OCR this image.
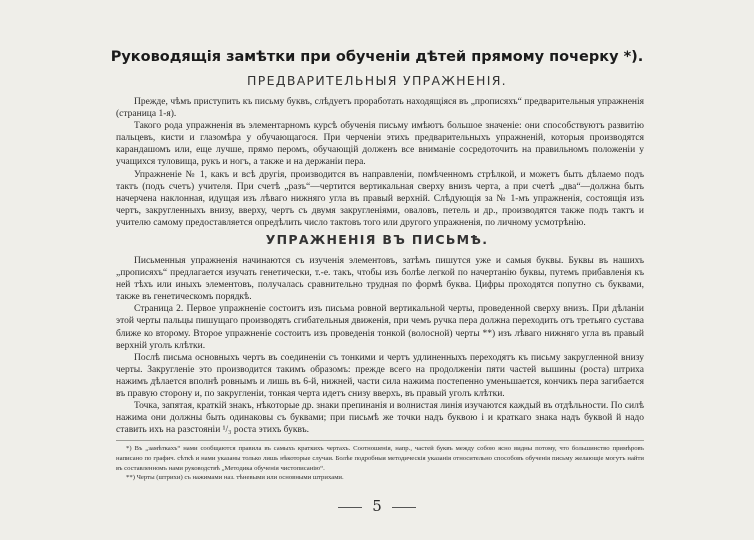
Руководящія замѣтки при обученіи дѣтей прямому почерку *).
ПРЕДВАРИТЕЛЬНЫЯ УПРАЖНЕНІЯ.

Прежде, чѣмъ приступить къ письму буквъ, слѣдуетъ проработать находящіяся въ „прописяхъ“ предварительныя упражненія (страница 1-я).

Такого рода упражненія въ элементарномъ курсѣ обученія письму имѣютъ большое значеніе: они способствуютъ развитію пальцевъ, кисти и глазомѣра у обучающагося. При черченіи этихъ предварительныхъ упражненій, которыя производятся карандашомъ или, еще лучше, прямо перомъ, обучающій долженъ все вниманіе сосредоточить на правильномъ положеніи у учащихся туловища, рукъ и ногъ, а также и на держаніи пера.

Упражненіе № 1, какъ и всѣ другія, производится въ направленіи, помѣченномъ стрѣлкой, и можетъ быть дѣлаемо подъ тактъ (подъ счетъ) учителя. При счетѣ „разъ“—чертится вертикальная сверху внизъ черта, а при счетѣ „два“—должна быть начерчена наклонная, идущая изъ лѣваго нижняго угла въ правый верхній. Слѣдующія за № 1-мъ упражненія, состоящія изъ чертъ, закругленныхъ внизу, вверху, чертъ съ двумя закругленіями, оваловъ, петель и др., производятся также подъ тактъ и учителю самому предоставляется опредѣлить число тактовъ того или другого упражненія, по личному усмотрѣнію.

УПРАЖНЕНІЯ ВЪ ПИСЬМѢ.

Письменныя упражненія начинаются съ изученія элементовъ, затѣмъ пишутся уже и самыя буквы. Буквы въ нашихъ „прописяхъ“ предлагается изучать генетически, т.-е. такъ, чтобы изъ болѣе легкой по начертанію буквы, путемъ прибавленія къ ней тѣхъ или иныхъ элементовъ, получалась сравнительно трудная по формѣ буква. Цифры проходятся попутно съ буквами, также въ генетическомъ порядкѣ.

Страница 2. Первое упражненіе состоитъ изъ письма ровной вертикальной черты, проведенной сверху внизъ. При дѣланіи этой черты пальцы пишущаго производятъ сгибательныя движенія, при чемъ ручка пера должна переходить отъ третьяго сустава ближе ко второму. Второе упражненіе состоитъ изъ проведенія тонкой (волосной) черты **) изъ лѣваго нижняго угла въ правый верхній уголъ клѣтки.

Послѣ письма основныхъ чертъ въ соединеніи съ тонкими и чертъ удлиненныхъ переходятъ къ письму закругленной внизу черты. Закругленіе это производится такимъ образомъ: прежде всего на продолженіи пяти частей вышины (роста) штриха нажимъ дѣлается вполнѣ ровнымъ и лишь въ 6-й, нижней, части сила нажима постепенно уменьшается, кончикъ пера загибается въ правую сторону и, по закругленіи, тонкая черта идетъ снизу вверхъ, въ правый уголъ клѣтки.

Точка, запятая, краткій знакъ, нѣкоторые др. знаки препинанія и волнистая линія изучаются каждый въ отдѣльности. По силѣ нажима они должны быть одинаковы съ буквами; при письмѣ же точки надъ буквою і и краткаго знака надъ буквой й надо ставить ихъ на разстояніи ¹/₃ роста этихъ буквъ.

*) Въ „замѣткахъ“ нами сообщаются правила въ самыхъ краткихъ чертахъ. Соотношенія, напр., частей буквъ между собою ясно видны потому, что большинство примѣровъ написано по графич. сѣткѣ и нами указаны только лишь нѣкоторые случаи. Болѣе подробныя методическія указанія относительно способовъ обученія письму желающіе могутъ найти въ составленномъ нами руководствѣ „Методика обученія чистописанію“.

**) Черты (штрихи) съ нажимами наз. тѣневыми или основными штрихами.

5
